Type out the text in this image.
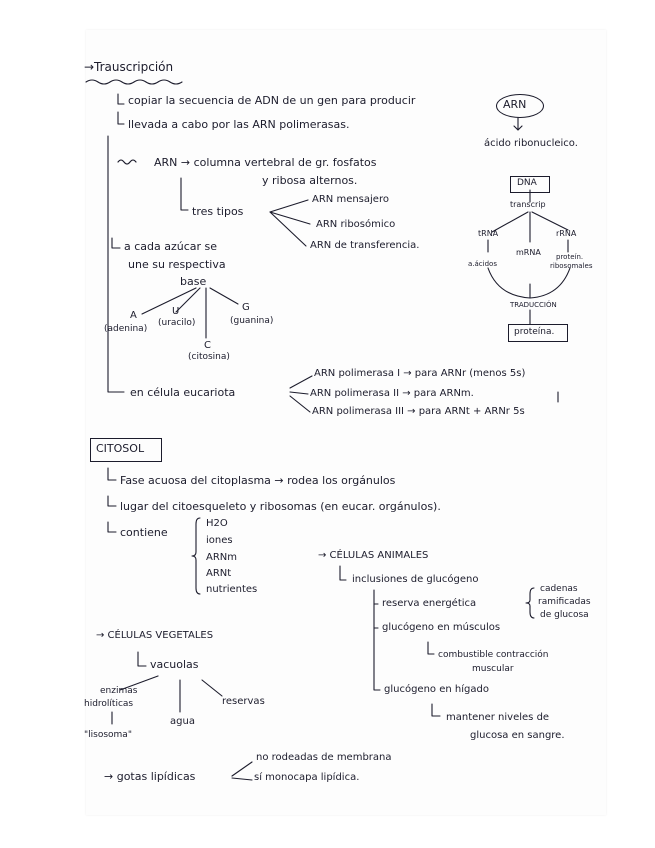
→Trauscripción
copiar la secuencia de ADN de un gen para producir	ARN
llevada a cabo por las ARN polimerasas.
ácido ribonucleico.
ARN → columna vertebral de gr. fosfatos
y ribosa alternos.
tres tipos
ARN mensajero
ARN ribosómico
ARN de transferencia.
a cada azúcar se
une su respectiva
base
A
(adenina)
U
(uracilo)
G
(guanina)
C
(citosina)
en célula eucariota
ARN polimerasa I → para ARNr (menos 5s)
ARN polimerasa II → para ARNm.
ARN polimerasa III → para ARNt + ARNr 5s
DNA
transcrip
tRNA
mRNA
rRNA
a.ácidos
proteín.
ribosomales
TRADUCCIÓN
proteína.
CITOSOL
Fase acuosa del citoplasma → rodea los orgánulos
lugar del citoesqueleto y ribosomas (en eucar. orgánulos).
contiene
H2O
iones
ARNm
ARNt
nutrientes
→ CÉLULAS ANIMALES
inclusiones de glucógeno
reserva energética
cadenas
ramificadas
de glucosa
glucógeno en músculos
combustible contracción
muscular
glucógeno en hígado
mantener niveles de
glucosa en sangre.
→ CÉLULAS VEGETALES
vacuolas
enzimas
hidrolíticas
"lisosoma"
agua
reservas
→ gotas lipídicas
no rodeadas de membrana
sí monocapa lipídica.
